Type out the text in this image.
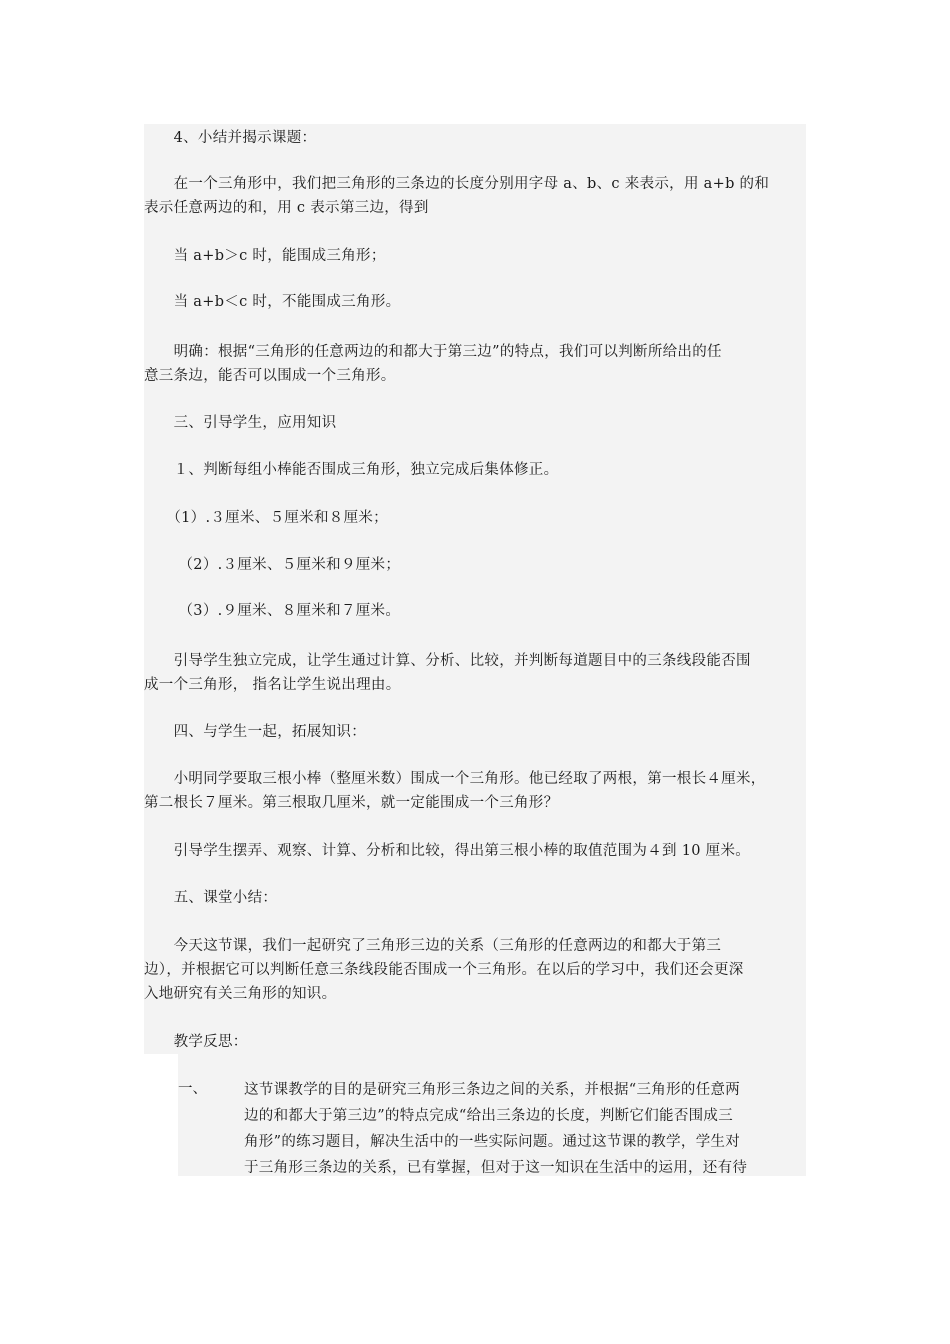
　　4、小结并揭示课题：
　　在一个三角形中，我们把三角形的三条边的长度分别用字母 a、b、c 来表示，用 a+b 的和
表示任意两边的和，用 c 表示第三边，得到
　　当 a+b＞c 时，能围成三角形；
　　当 a+b＜c 时，不能围成三角形。
　　明确：根据“三角形的任意两边的和都大于第三边”的特点，我们可以判断所给出的任
意三条边，能否可以围成一个三角形。
　　三、引导学生，应用知识
　　１、判断每组小棒能否围成三角形，独立完成后集体修正。
　　（1）.３厘米、５厘米和８厘米；
　　 （2）.３厘米、５厘米和９厘米；
　　 （3）.９厘米、８厘米和７厘米。
　　引导学生独立完成，让学生通过计算、分析、比较，并判断每道题目中的三条线段能否围
成一个三角形， 指名让学生说出理由。
　　四、与学生一起，拓展知识：
　　小明同学要取三根小棒（整厘米数）围成一个三角形。他已经取了两根，第一根长４厘米，
第二根长７厘米。第三根取几厘米，就一定能围成一个三角形？
　　引导学生摆弄、观察、计算、分析和比较，得出第三根小棒的取值范围为４到 10 厘米。
　　五、课堂小结：
　　今天这节课，我们一起研究了三角形三边的关系（三角形的任意两边的和都大于第三
边），并根据它可以判断任意三条线段能否围成一个三角形。在以后的学习中，我们还会更深
入地研究有关三角形的知识。
　　教学反思：
一、	这节课教学的目的是研究三角形三条边之间的关系，并根据“三角形的任意两
边的和都大于第三边”的特点完成“给出三条边的长度，判断它们能否围成三
角形”的练习题目，解决生活中的一些实际问题。通过这节课的教学，学生对
于三角形三条边的关系，已有掌握，但对于这一知识在生活中的运用，还有待
